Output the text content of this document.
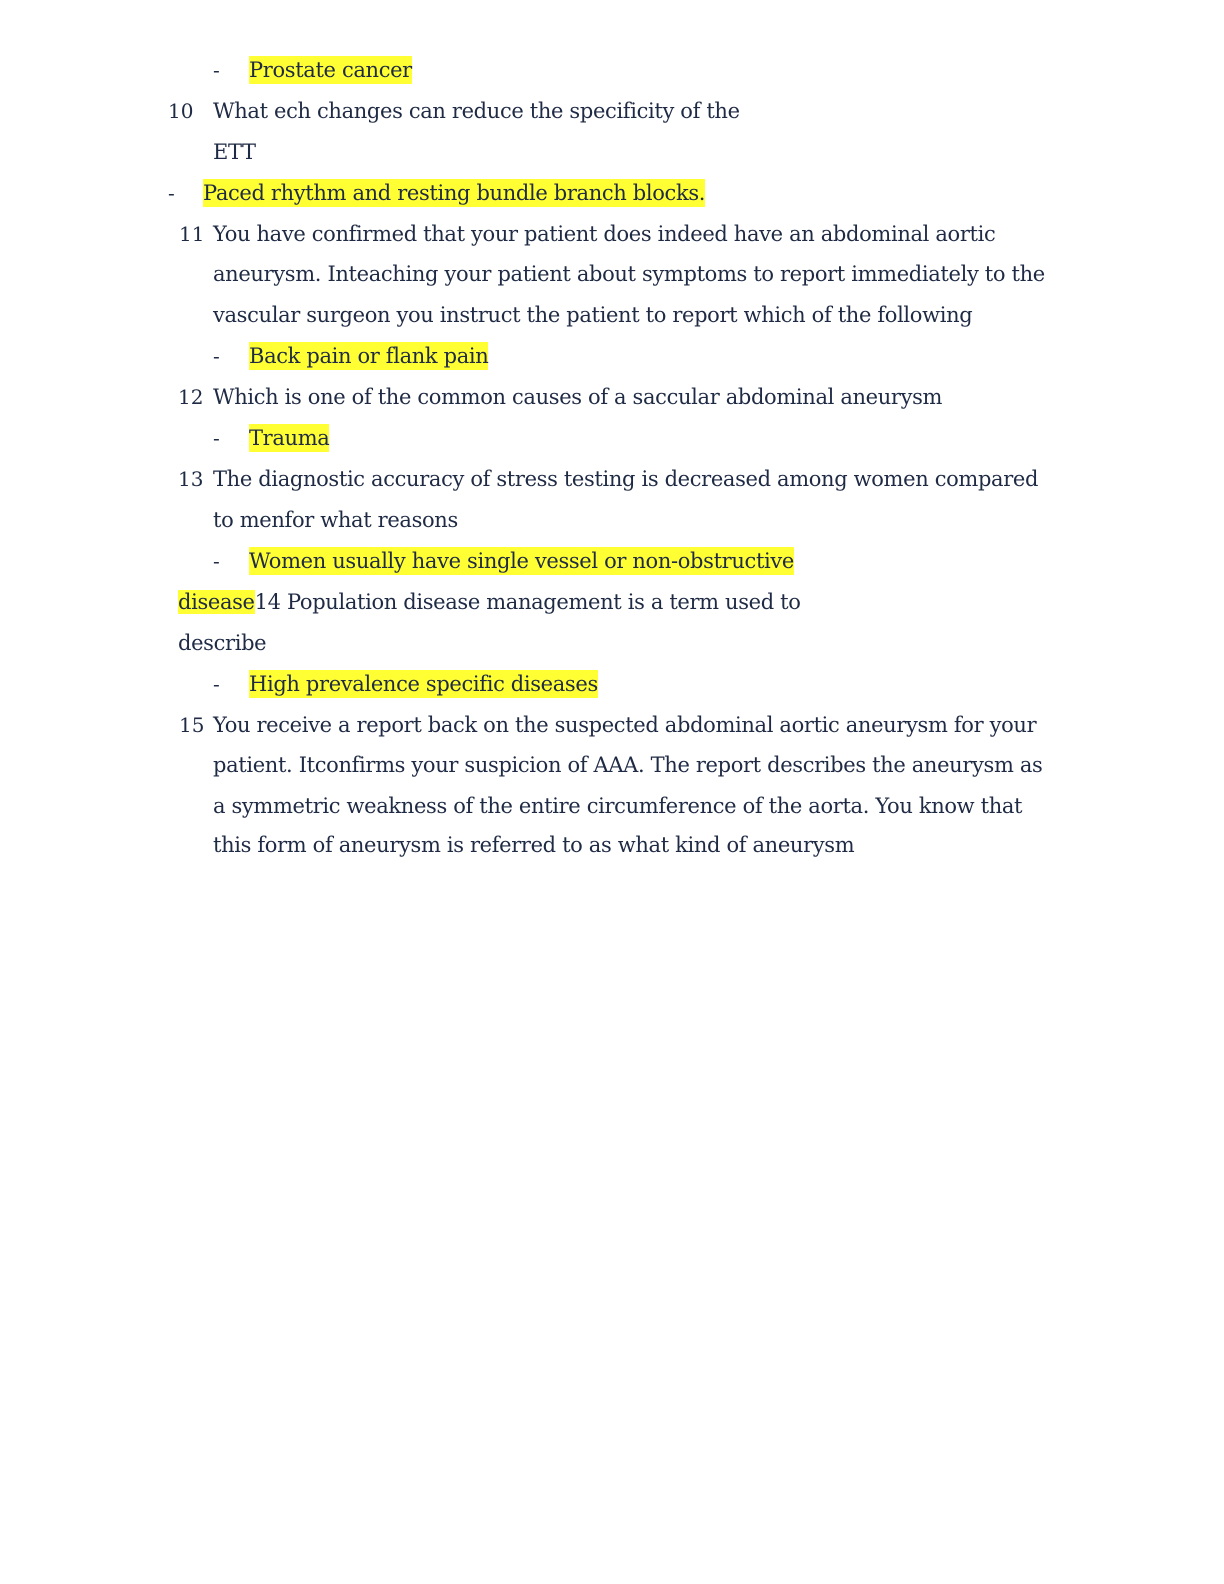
- Prostate cancer
10 What ech changes can reduce the specificity of the
ETT
- Paced rhythm and resting bundle branch blocks.
11 You have confirmed that your patient does indeed have an abdominal aortic
aneurysm. Inteaching your patient about symptoms to report immediately to the
vascular surgeon you instruct the patient to report which of the following
- Back pain or flank pain
12 Which is one of the common causes of a saccular abdominal aneurysm
- Trauma
13 The diagnostic accuracy of stress testing is decreased among women compared
to menfor what reasons
- Women usually have single vessel or non-obstructive
disease14 Population disease management is a term used to
describe
- High prevalence specific diseases
15 You receive a report back on the suspected abdominal aortic aneurysm for your
patient. Itconfirms your suspicion of AAA. The report describes the aneurysm as
a symmetric weakness of the entire circumference of the aorta. You know that
this form of aneurysm is referred to as what kind of aneurysm
